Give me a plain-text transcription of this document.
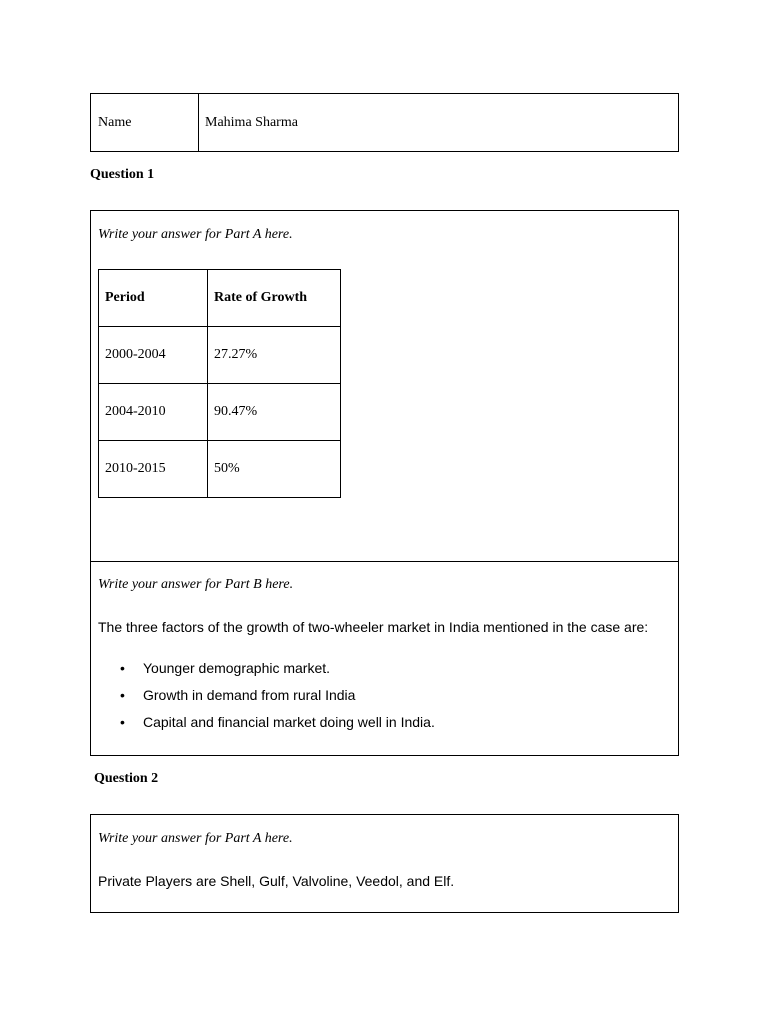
Name	Mahima Sharma
Question 1
Write your answer for Part A here.
Period	Rate of Growth
2000-2004	27.27%
2004-2010	90.47%
2010-2015	50%
Write your answer for Part B here.
The three factors of the growth of two-wheeler market in India mentioned in the case are:
• Younger demographic market.
• Growth in demand from rural India
• Capital and financial market doing well in India.
Question 2
Write your answer for Part A here.
Private Players are Shell, Gulf, Valvoline, Veedol, and Elf.
